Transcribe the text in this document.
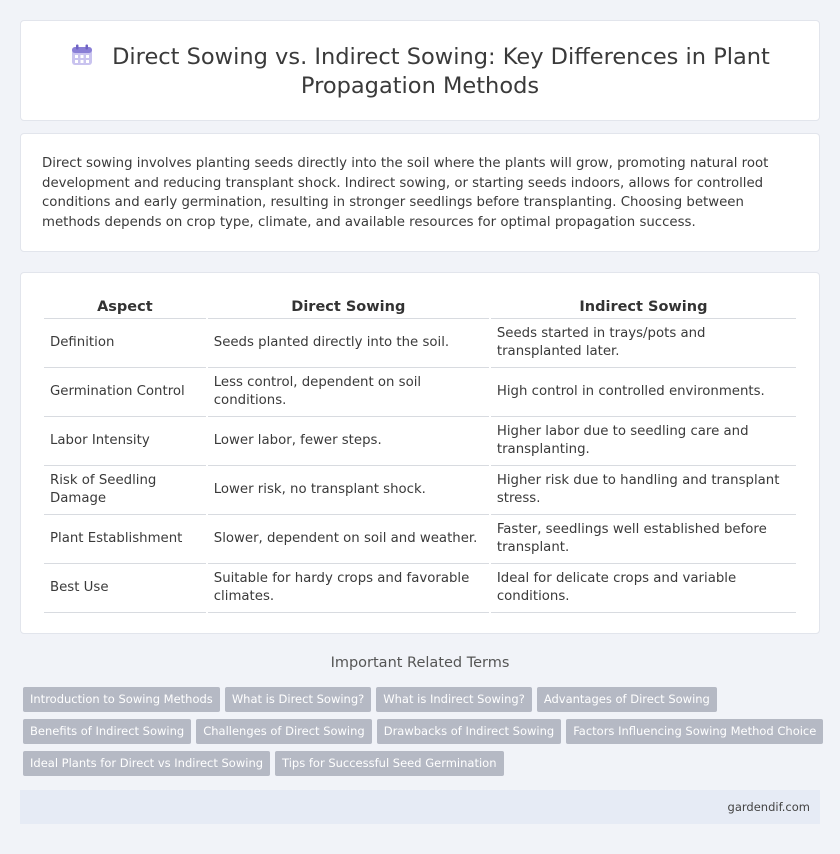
Direct Sowing vs. Indirect Sowing: Key Differences in Plant Propagation Methods

Direct sowing involves planting seeds directly into the soil where the plants will grow, promoting natural root development and reducing transplant shock. Indirect sowing, or starting seeds indoors, allows for controlled conditions and early germination, resulting in stronger seedlings before transplanting. Choosing between methods depends on crop type, climate, and available resources for optimal propagation success.

Aspect	Direct Sowing	Indirect Sowing
Definition	Seeds planted directly into the soil.	Seeds started in trays/pots and transplanted later.
Germination Control	Less control, dependent on soil conditions.	High control in controlled environments.
Labor Intensity	Lower labor, fewer steps.	Higher labor due to seedling care and transplanting.
Risk of Seedling Damage	Lower risk, no transplant shock.	Higher risk due to handling and transplant stress.
Plant Establishment	Slower, dependent on soil and weather.	Faster, seedlings well established before transplant.
Best Use	Suitable for hardy crops and favorable climates.	Ideal for delicate crops and variable conditions.
Important Related Terms
Introduction to Sowing Methods What is Direct Sowing? What is Indirect Sowing? Advantages of Direct Sowing
Benefits of Indirect Sowing Challenges of Direct Sowing Drawbacks of Indirect Sowing Factors Influencing Sowing Method Choice
Ideal Plants for Direct vs Indirect Sowing Tips for Successful Seed Germination
gardendif.com
